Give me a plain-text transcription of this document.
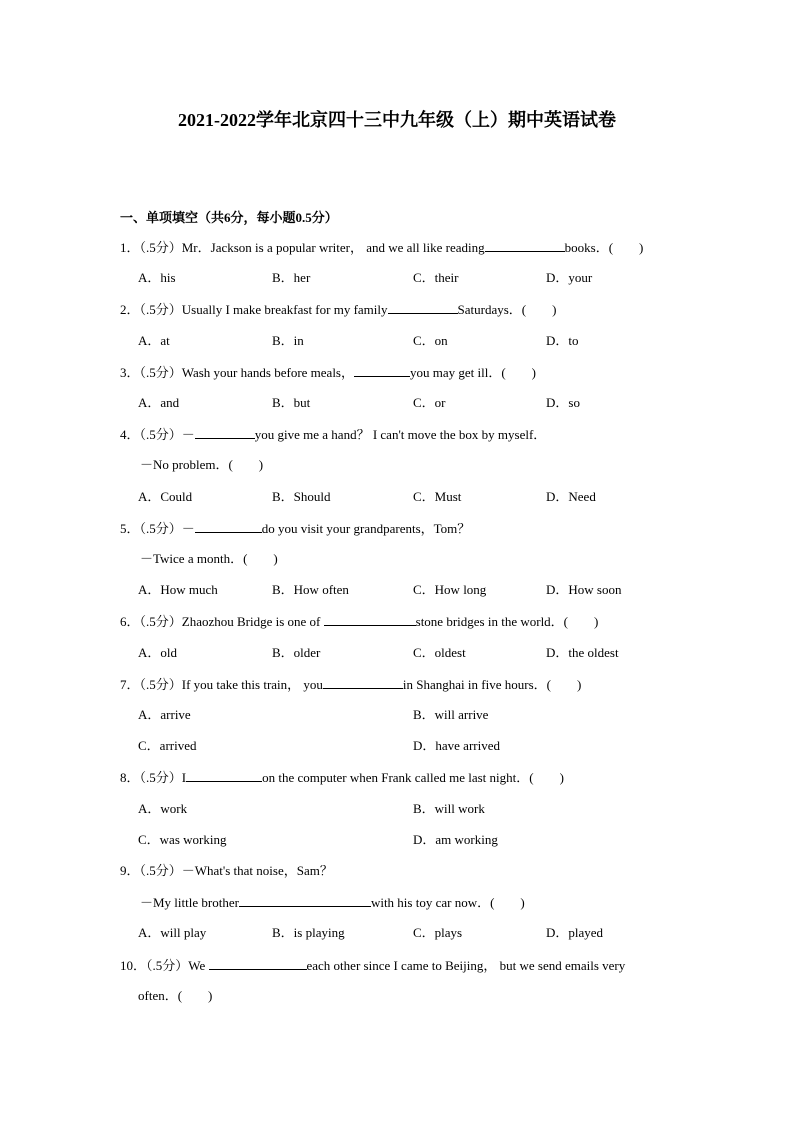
2021-2022学年北京四十三中九年级（上）期中英语试卷
一、单项填空（共6分，每小题0.5分）
1．（.5分）Mr．Jackson is a popular writer， and we all like reading	books．(　　)
A．his	B．her	C．their	D．your
2．（.5分）Usually I make breakfast for my family	Saturdays．(　　)
A．at	B．in	C．on	D．to
3．（.5分）Wash your hands before meals，	you may get ill．(　　)
A．and	B．but	C．or	D．so
4．（.5分）－	you give me a hand？ I can't move the box by myself．
－No problem．(　　)
A．Could	B．Should	C．Must	D．Need
5．（.5分）－	do you visit your grandparents，Tom？
－Twice a month．(　　)
A．How much	B．How often	C．How long	D．How soon
6．（.5分）Zhaozhou Bridge is one of	stone bridges in the world．(　　)
A．old	B．older	C．oldest	D．the oldest
7．（.5分）If you take this train， you	in Shanghai in five hours．(　　)
A．arrive	B．will arrive
C．arrived	D．have arrived
8．（.5分）I	on the computer when Frank called me last night．(　　)
A．work	B．will work
C．was working	D．am working
9．（.5分）－What's that noise，Sam？
－My little brother	with his toy car now．(　　)
A．will play	B．is playing	C．plays	D．played
10．（.5分）We	each other since I came to Beijing， but we send emails very
often．(　　)
